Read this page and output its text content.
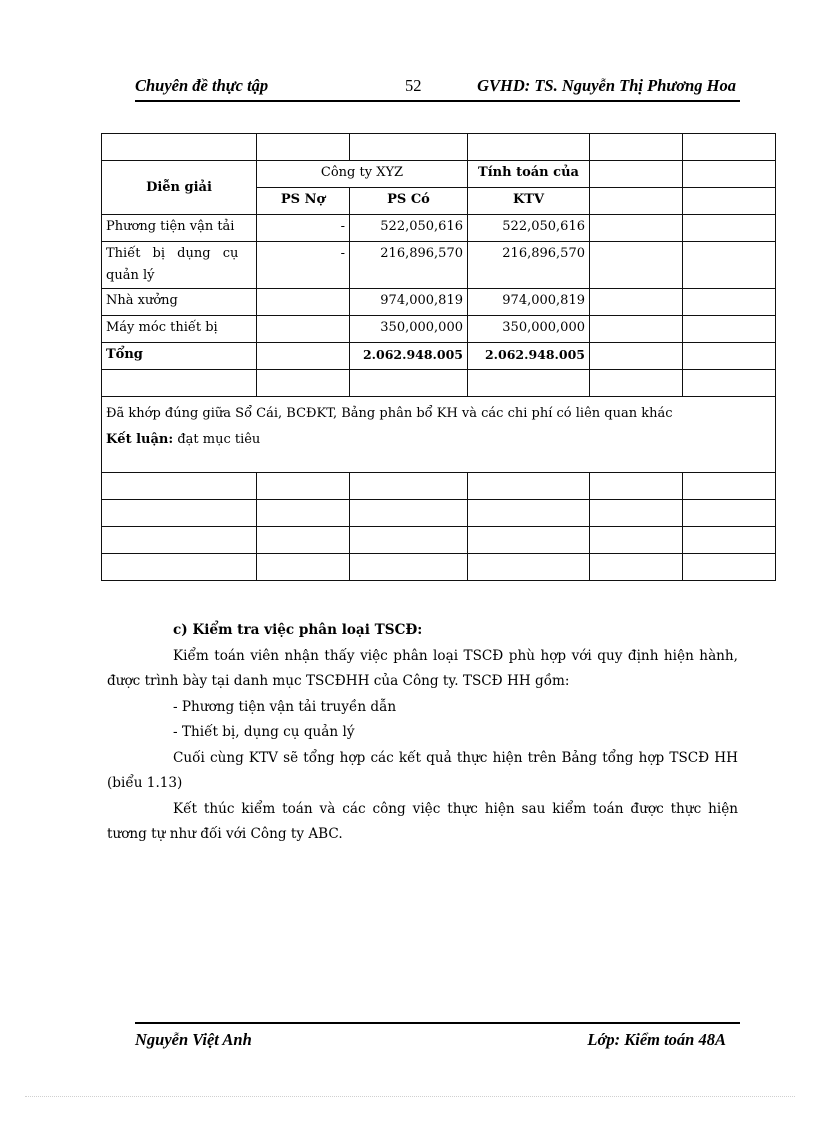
Chuyên đề thực tập	52	GVHD: TS. Nguyễn Thị Phương Hoa

Diễn giải	Công ty XYZ		Tính toán của		
	PS Nợ	PS Có	KTV		
Phương tiện vận tải	-	522,050,616	522,050,616		

Thiết bị dụng cụ
quản lý	-	216,896,570	216,896,570		
Nhà xưởng		974,000,819	974,000,819		
Máy móc thiết bị		350,000,000	350,000,000		
Tổng		2.062.948.005	2.062.948.005		

Đã khớp đúng giữa Sổ Cái, BCĐKT, Bảng phân bổ KH và các chi phí có liên quan khác
Kết luận: đạt mục tiêu					

c) Kiểm tra việc phân loại TSCĐ:

Kiểm toán viên nhận thấy việc phân loại TSCĐ phù hợp với quy định hiện hành, được trình bày tại danh mục TSCĐHH của Công ty. TSCĐ HH gồm:

- Phương tiện vận tải truyền dẫn

- Thiết bị, dụng cụ quản lý

Cuối cùng KTV sẽ tổng hợp các kết quả thực hiện trên Bảng tổng hợp TSCĐ HH (biểu 1.13)

Kết thúc kiểm toán và các công việc thực hiện sau kiểm toán được thực hiện tương tự như đối với Công ty ABC.

Nguyễn Việt Anh	Lớp: Kiểm toán 48A
